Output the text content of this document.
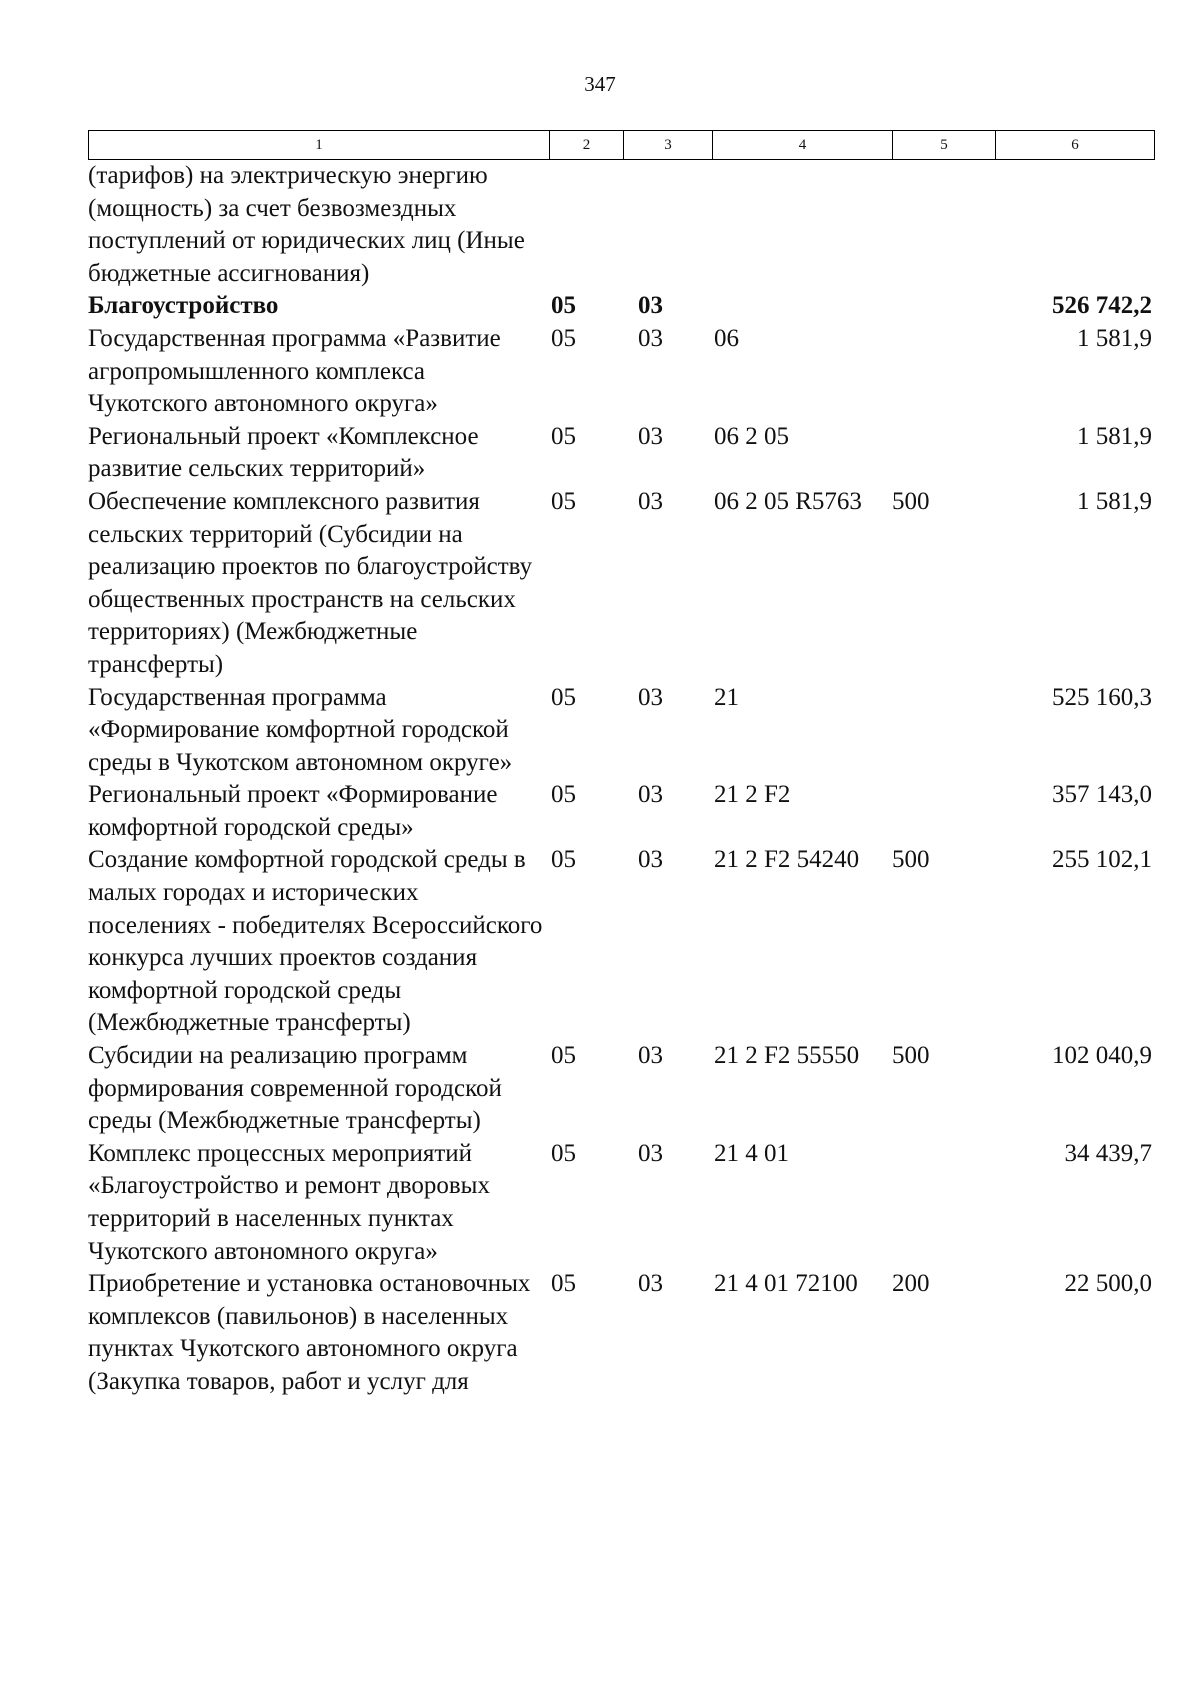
347
1	2	3	4	5	6
(тарифов) на электрическую энергию (мощность) за счет безвозмездных поступлений от юридических лиц (Иные бюджетные ассигнования)					
Благоустройство	05	03			526 742,2
Государственная программа «Развитие агропромышленного комплекса Чукотского автономного округа»	05	03	06		1 581,9
Региональный проект «Комплексное развитие сельских территорий»	05	03	06 2 05		1 581,9
Обеспечение комплексного развития сельских территорий (Субсидии на реализацию проектов по благоустройству общественных пространств на сельских территориях) (Межбюджетные трансферты)	05	03	06 2 05 R5763	500	1 581,9
Государственная программа «Формирование комфортной городской среды в Чукотском автономном округе»	05	03	21		525 160,3
Региональный проект «Формирование комфортной городской среды»	05	03	21 2 F2		357 143,0
Создание комфортной городской среды в малых городах и исторических поселениях - победителях Всероссийского конкурса лучших проектов создания комфортной городской среды (Межбюджетные трансферты)	05	03	21 2 F2 54240	500	255 102,1
Субсидии на реализацию программ формирования современной городской среды (Межбюджетные трансферты)	05	03	21 2 F2 55550	500	102 040,9
Комплекс процессных мероприятий «Благоустройство и ремонт дворовых территорий в населенных пунктах Чукотского автономного округа»	05	03	21 4 01		34 439,7
Приобретение и установка остановочных комплексов (павильонов) в населенных пунктах Чукотского автономного округа (Закупка товаров, работ и услуг для	05	03	21 4 01 72100	200	22 500,0
